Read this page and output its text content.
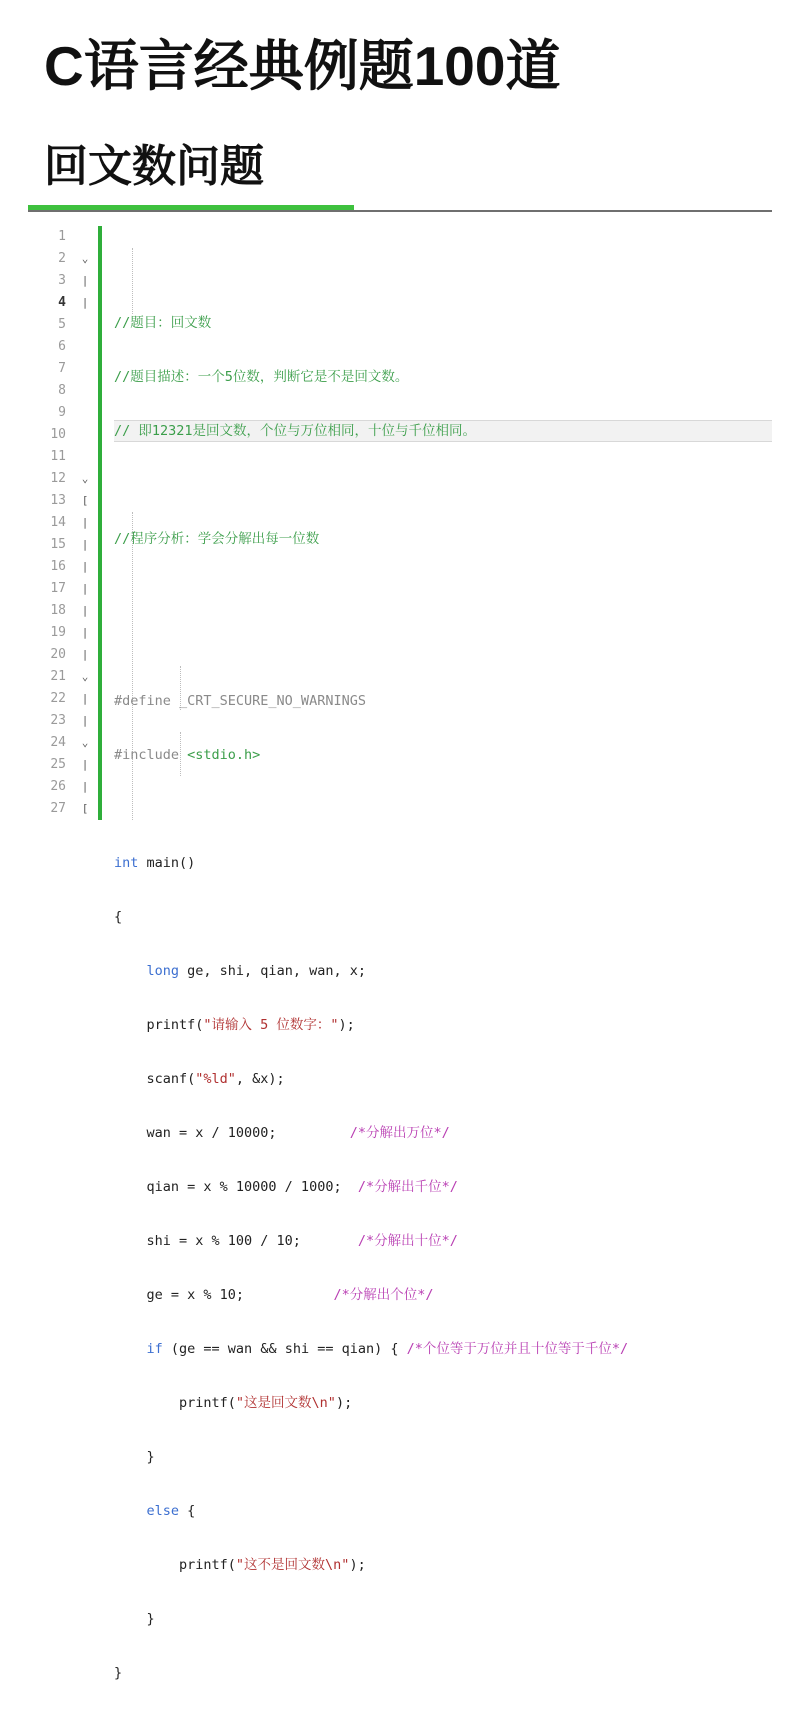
C语言经典例题100道
回文数问题
1
2
3
4
5
6
7
8
9
10
11
12
13
14
15
16
17
18
19
20
21
22
23
24
25
26
27
⌄
|
|
⌄
[
|
|
|
|
|
|
|
⌄
|
|
⌄
|
|
[

//题目：回文数

//题目描述：一个5位数，判断它是不是回文数。

// 即12321是回文数，个位与万位相同，十位与千位相同。

//程序分析：学会分解出每一位数

#define _CRT_SECURE_NO_WARNINGS

#include <stdio.h>

int main()

{

long ge, shi, qian, wan, x;

printf("请输入 5 位数字：");

scanf("%ld", &x);

wan = x / 10000;         /*分解出万位*/

qian = x % 10000 / 1000;  /*分解出千位*/

shi = x % 100 / 10;       /*分解出十位*/

ge = x % 10;           /*分解出个位*/

if (ge == wan && shi == qian) { /*个位等于万位并且十位等于千位*/

printf("这是回文数\n");

}

else {

printf("这不是回文数\n");

}

}
